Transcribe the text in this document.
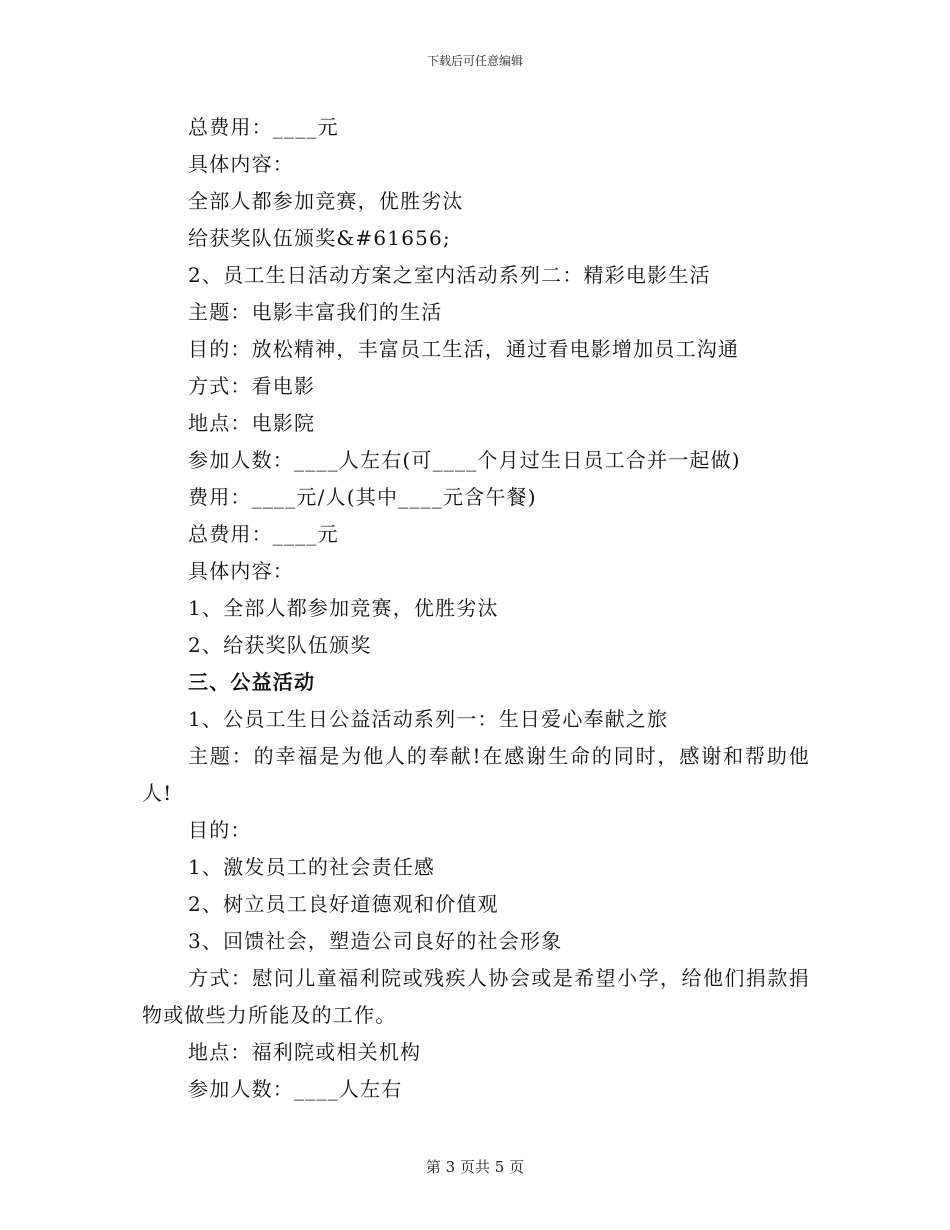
下载后可任意编辑
总费用：____元
具体内容：
全部人都参加竞赛，优胜劣汰
给获奖队伍颁奖&#61656;
2、员工生日活动方案之室内活动系列二：精彩电影生活
主题：电影丰富我们的生活
目的：放松精神，丰富员工生活，通过看电影增加员工沟通
方式：看电影
地点：电影院
参加人数：____人左右(可____个月过生日员工合并一起做)
费用：____元/人(其中____元含午餐)
总费用：____元
具体内容：
1、全部人都参加竞赛，优胜劣汰
2、给获奖队伍颁奖
三、公益活动
1、公员工生日公益活动系列一：生日爱心奉献之旅
主题：的幸福是为他人的奉献!在感谢生命的同时，感谢和帮助他人!
目的：
1、激发员工的社会责任感
2、树立员工良好道德观和价值观
3、回馈社会，塑造公司良好的社会形象
方式：慰问儿童福利院或残疾人协会或是希望小学，给他们捐款捐物或做些力所能及的工作。
地点：福利院或相关机构
参加人数：____人左右
第 3 页共 5 页
